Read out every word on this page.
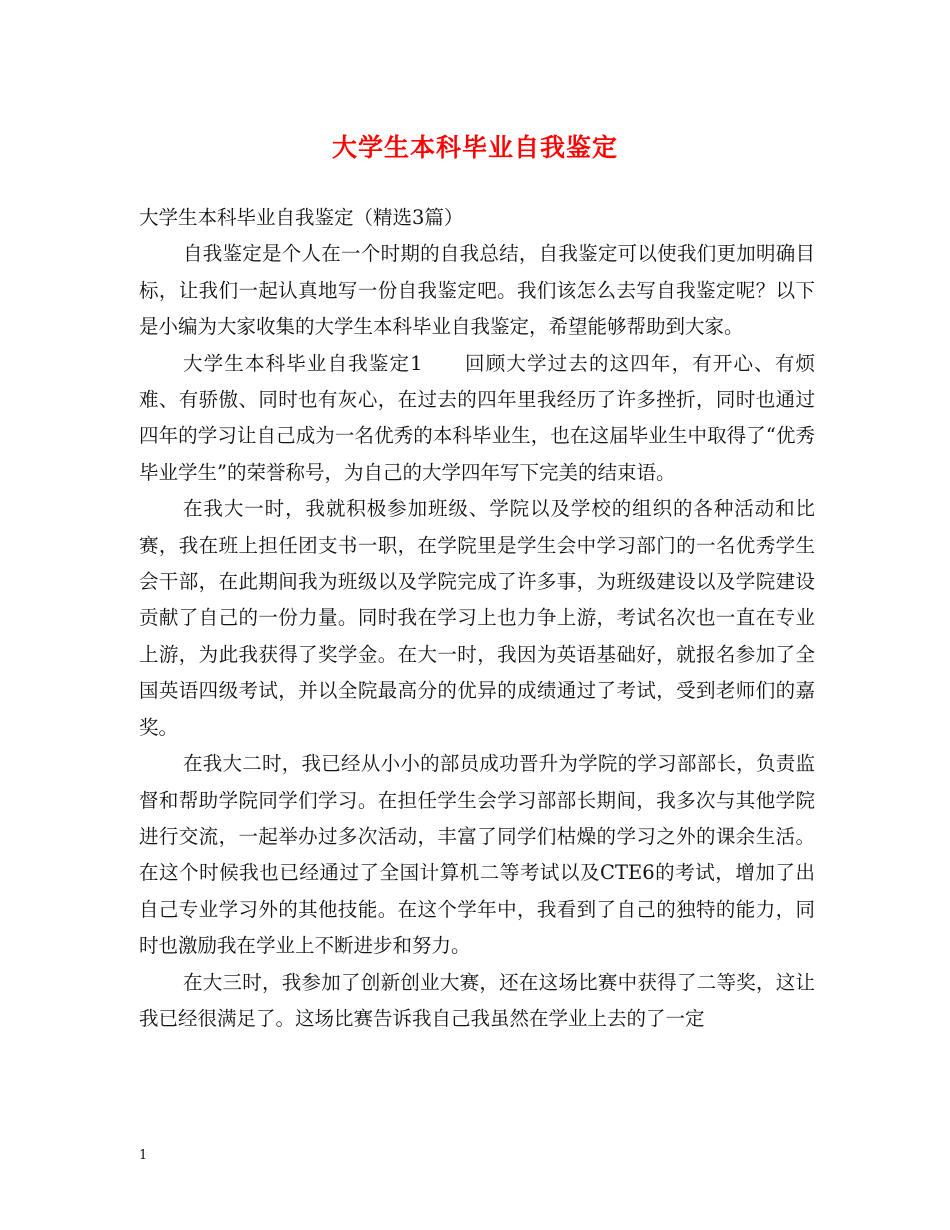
大学生本科毕业自我鉴定

大学生本科毕业自我鉴定（精选3篇）

自我鉴定是个人在一个时期的自我总结，自我鉴定可以使我们更加明确目标，让我们一起认真地写一份自我鉴定吧。我们该怎么去写自我鉴定呢？以下是小编为大家收集的大学生本科毕业自我鉴定，希望能够帮助到大家。

大学生本科毕业自我鉴定1　　回顾大学过去的这四年，有开心、有烦难、有骄傲、同时也有灰心，在过去的四年里我经历了许多挫折，同时也通过四年的学习让自己成为一名优秀的本科毕业生，也在这届毕业生中取得了“优秀毕业学生”的荣誉称号，为自己的大学四年写下完美的结束语。

在我大一时，我就积极参加班级、学院以及学校的组织的各种活动和比赛，我在班上担任团支书一职，在学院里是学生会中学习部门的一名优秀学生会干部，在此期间我为班级以及学院完成了许多事，为班级建设以及学院建设贡献了自己的一份力量。同时我在学习上也力争上游，考试名次也一直在专业上游，为此我获得了奖学金。在大一时，我因为英语基础好，就报名参加了全国英语四级考试，并以全院最高分的优异的成绩通过了考试，受到老师们的嘉奖。

在我大二时，我已经从小小的部员成功晋升为学院的学习部部长，负责监督和帮助学院同学们学习。在担任学生会学习部部长期间，我多次与其他学院进行交流，一起举办过多次活动，丰富了同学们枯燥的学习之外的课余生活。在这个时候我也已经通过了全国计算机二等考试以及CTE6的考试，增加了出自己专业学习外的其他技能。在这个学年中，我看到了自己的独特的能力，同时也激励我在学业上不断进步和努力。

在大三时，我参加了创新创业大赛，还在这场比赛中获得了二等奖，这让我已经很满足了。这场比赛告诉我自己我虽然在学业上去的了一定

1
